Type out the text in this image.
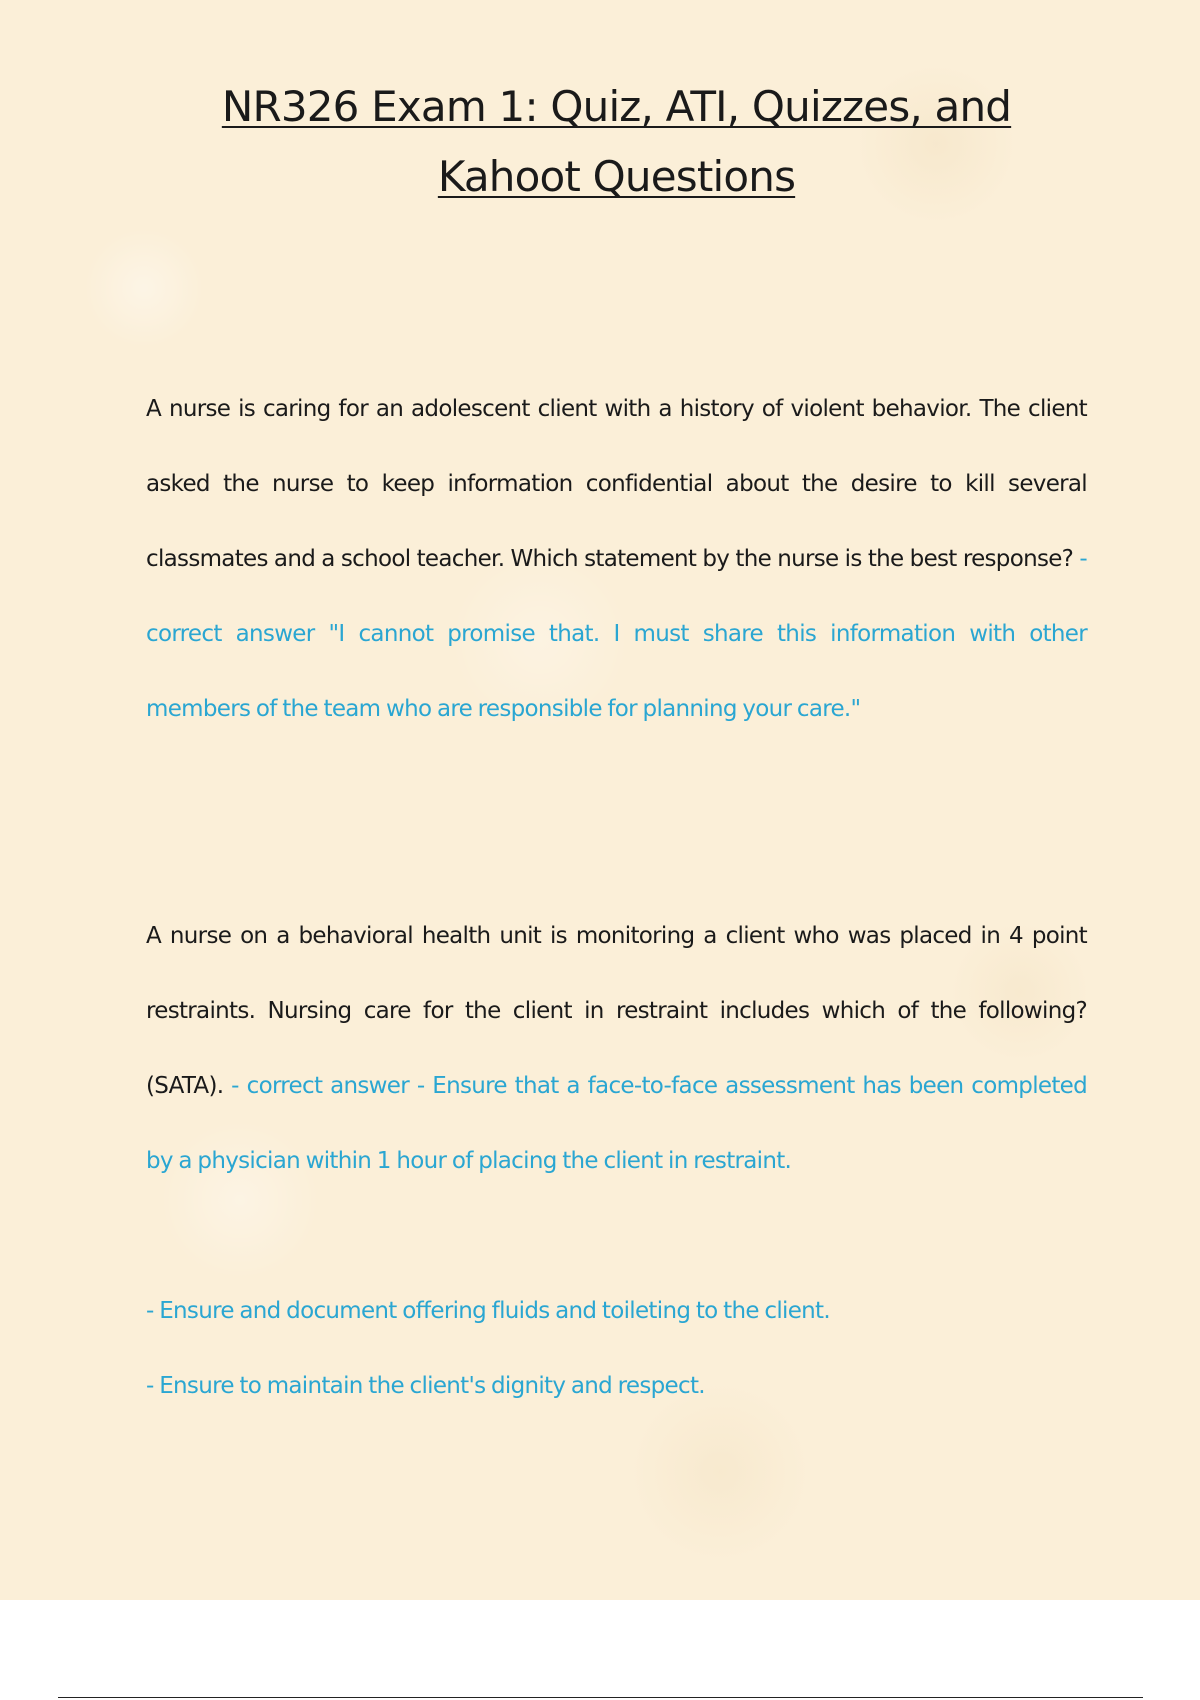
NR326 Exam 1: Quiz, ATI, Quizzes, and
Kahoot Questions

A nurse is caring for an adolescent client with a history of violent behavior. The client asked the nurse to keep information confidential about the desire to kill several classmates and a school teacher. Which statement by the nurse is the best response? - correct answer "I cannot promise that. I must share this information with other members of the team who are responsible for planning your care."

A nurse on a behavioral health unit is monitoring a client who was placed in 4 point restraints. Nursing care for the client in restraint includes which of the following? (SATA). - correct answer - Ensure that a face-to-face assessment has been completed by a physician within 1 hour of placing the client in restraint.

- Ensure and document offering fluids and toileting to the client.

- Ensure to maintain the client's dignity and respect.
